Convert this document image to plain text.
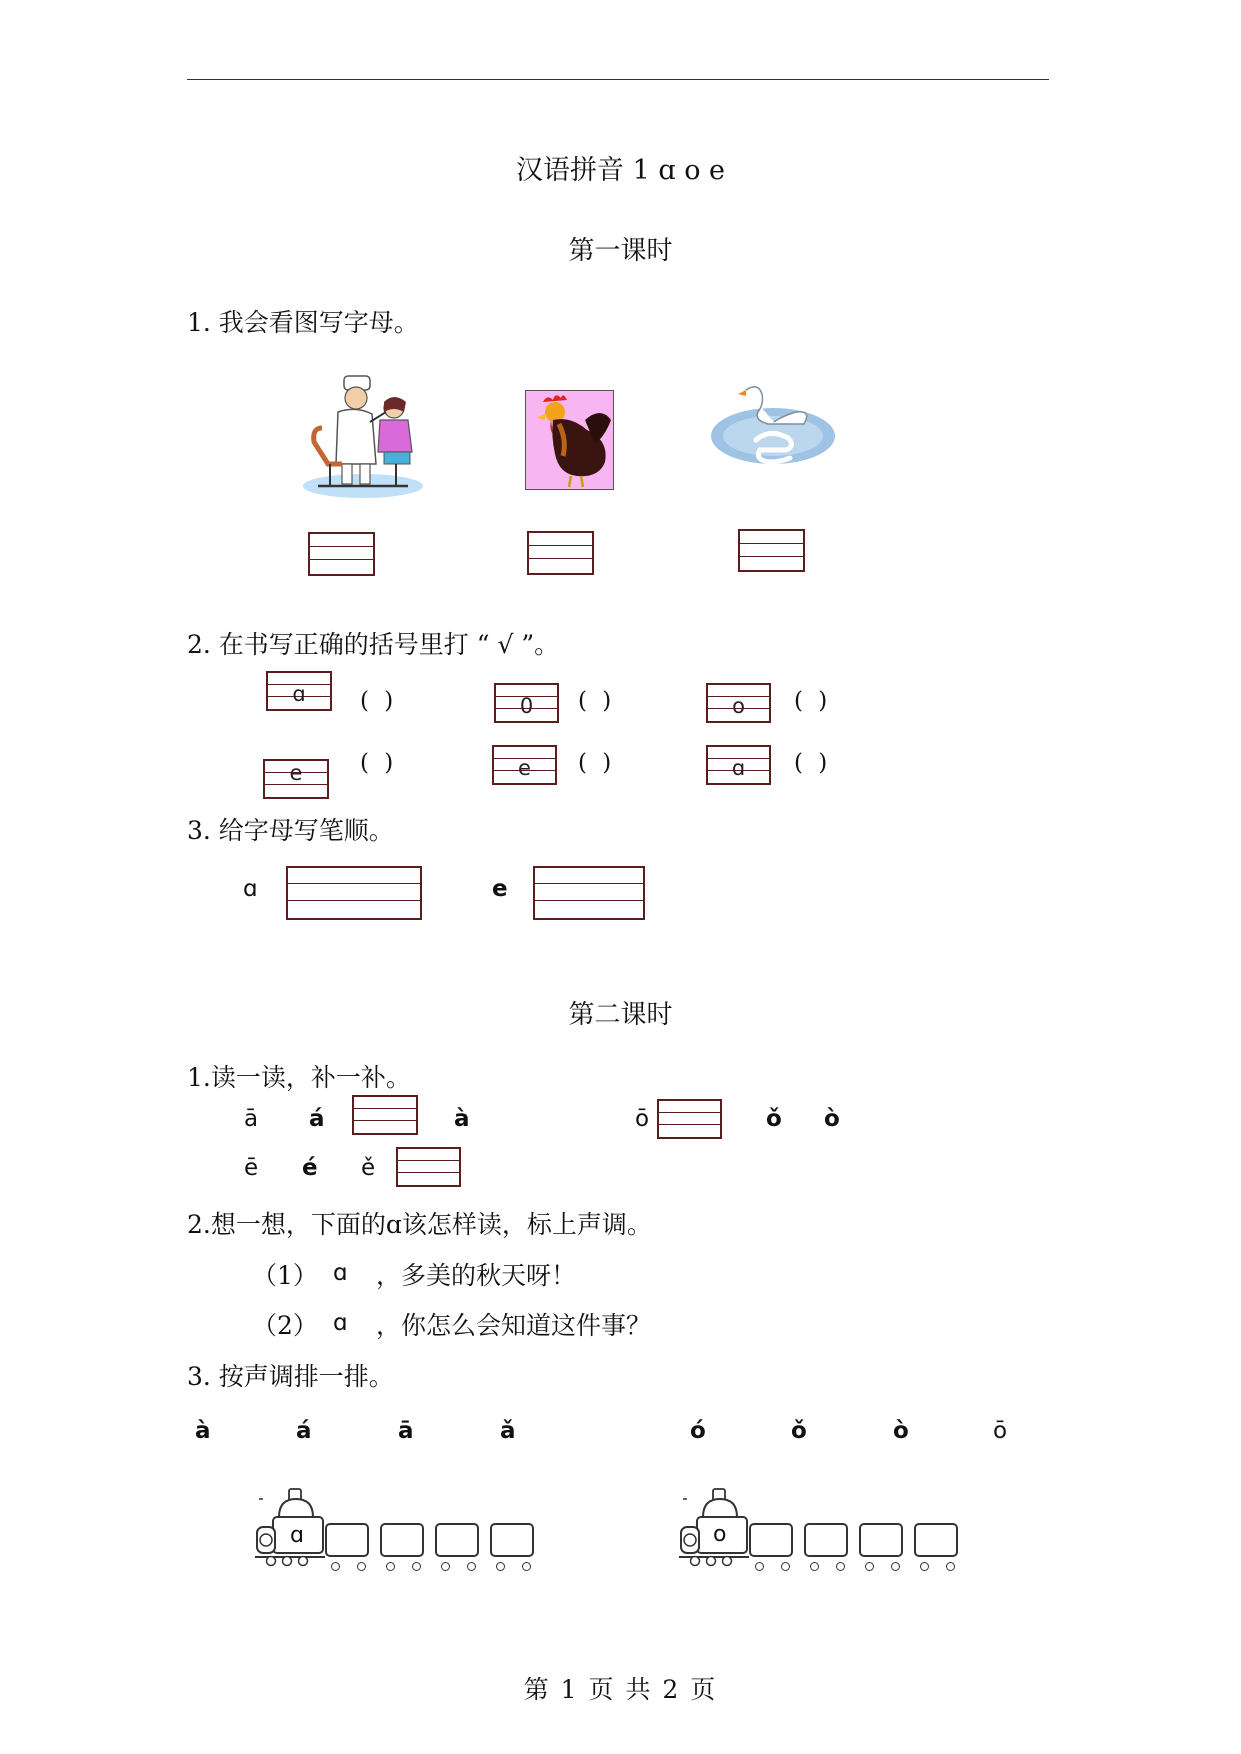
汉语拼音 1 ɑ o e
第一课时
1. 我会看图写字母。
2. 在书写正确的括号里打 “ √ ”。
ɑ	( )	0	( )	o	( )
e	( )	e	( )	ɑ	( )
3. 给字母写笔顺。
ɑ	e
第二课时
1.读一读，补一补。
ā á	à	ō	ǒ ò
ē é ě
2.想一想，下面的ɑ该怎样读，标上声调。
（1） ɑ ，多美的秋天呀！
（2） ɑ ，你怎么会知道这件事？
3. 按声调排一排。
à	á	ā	ǎ	ó	ǒ	ò	ō
ɑ	o
第 1 页 共 2 页
